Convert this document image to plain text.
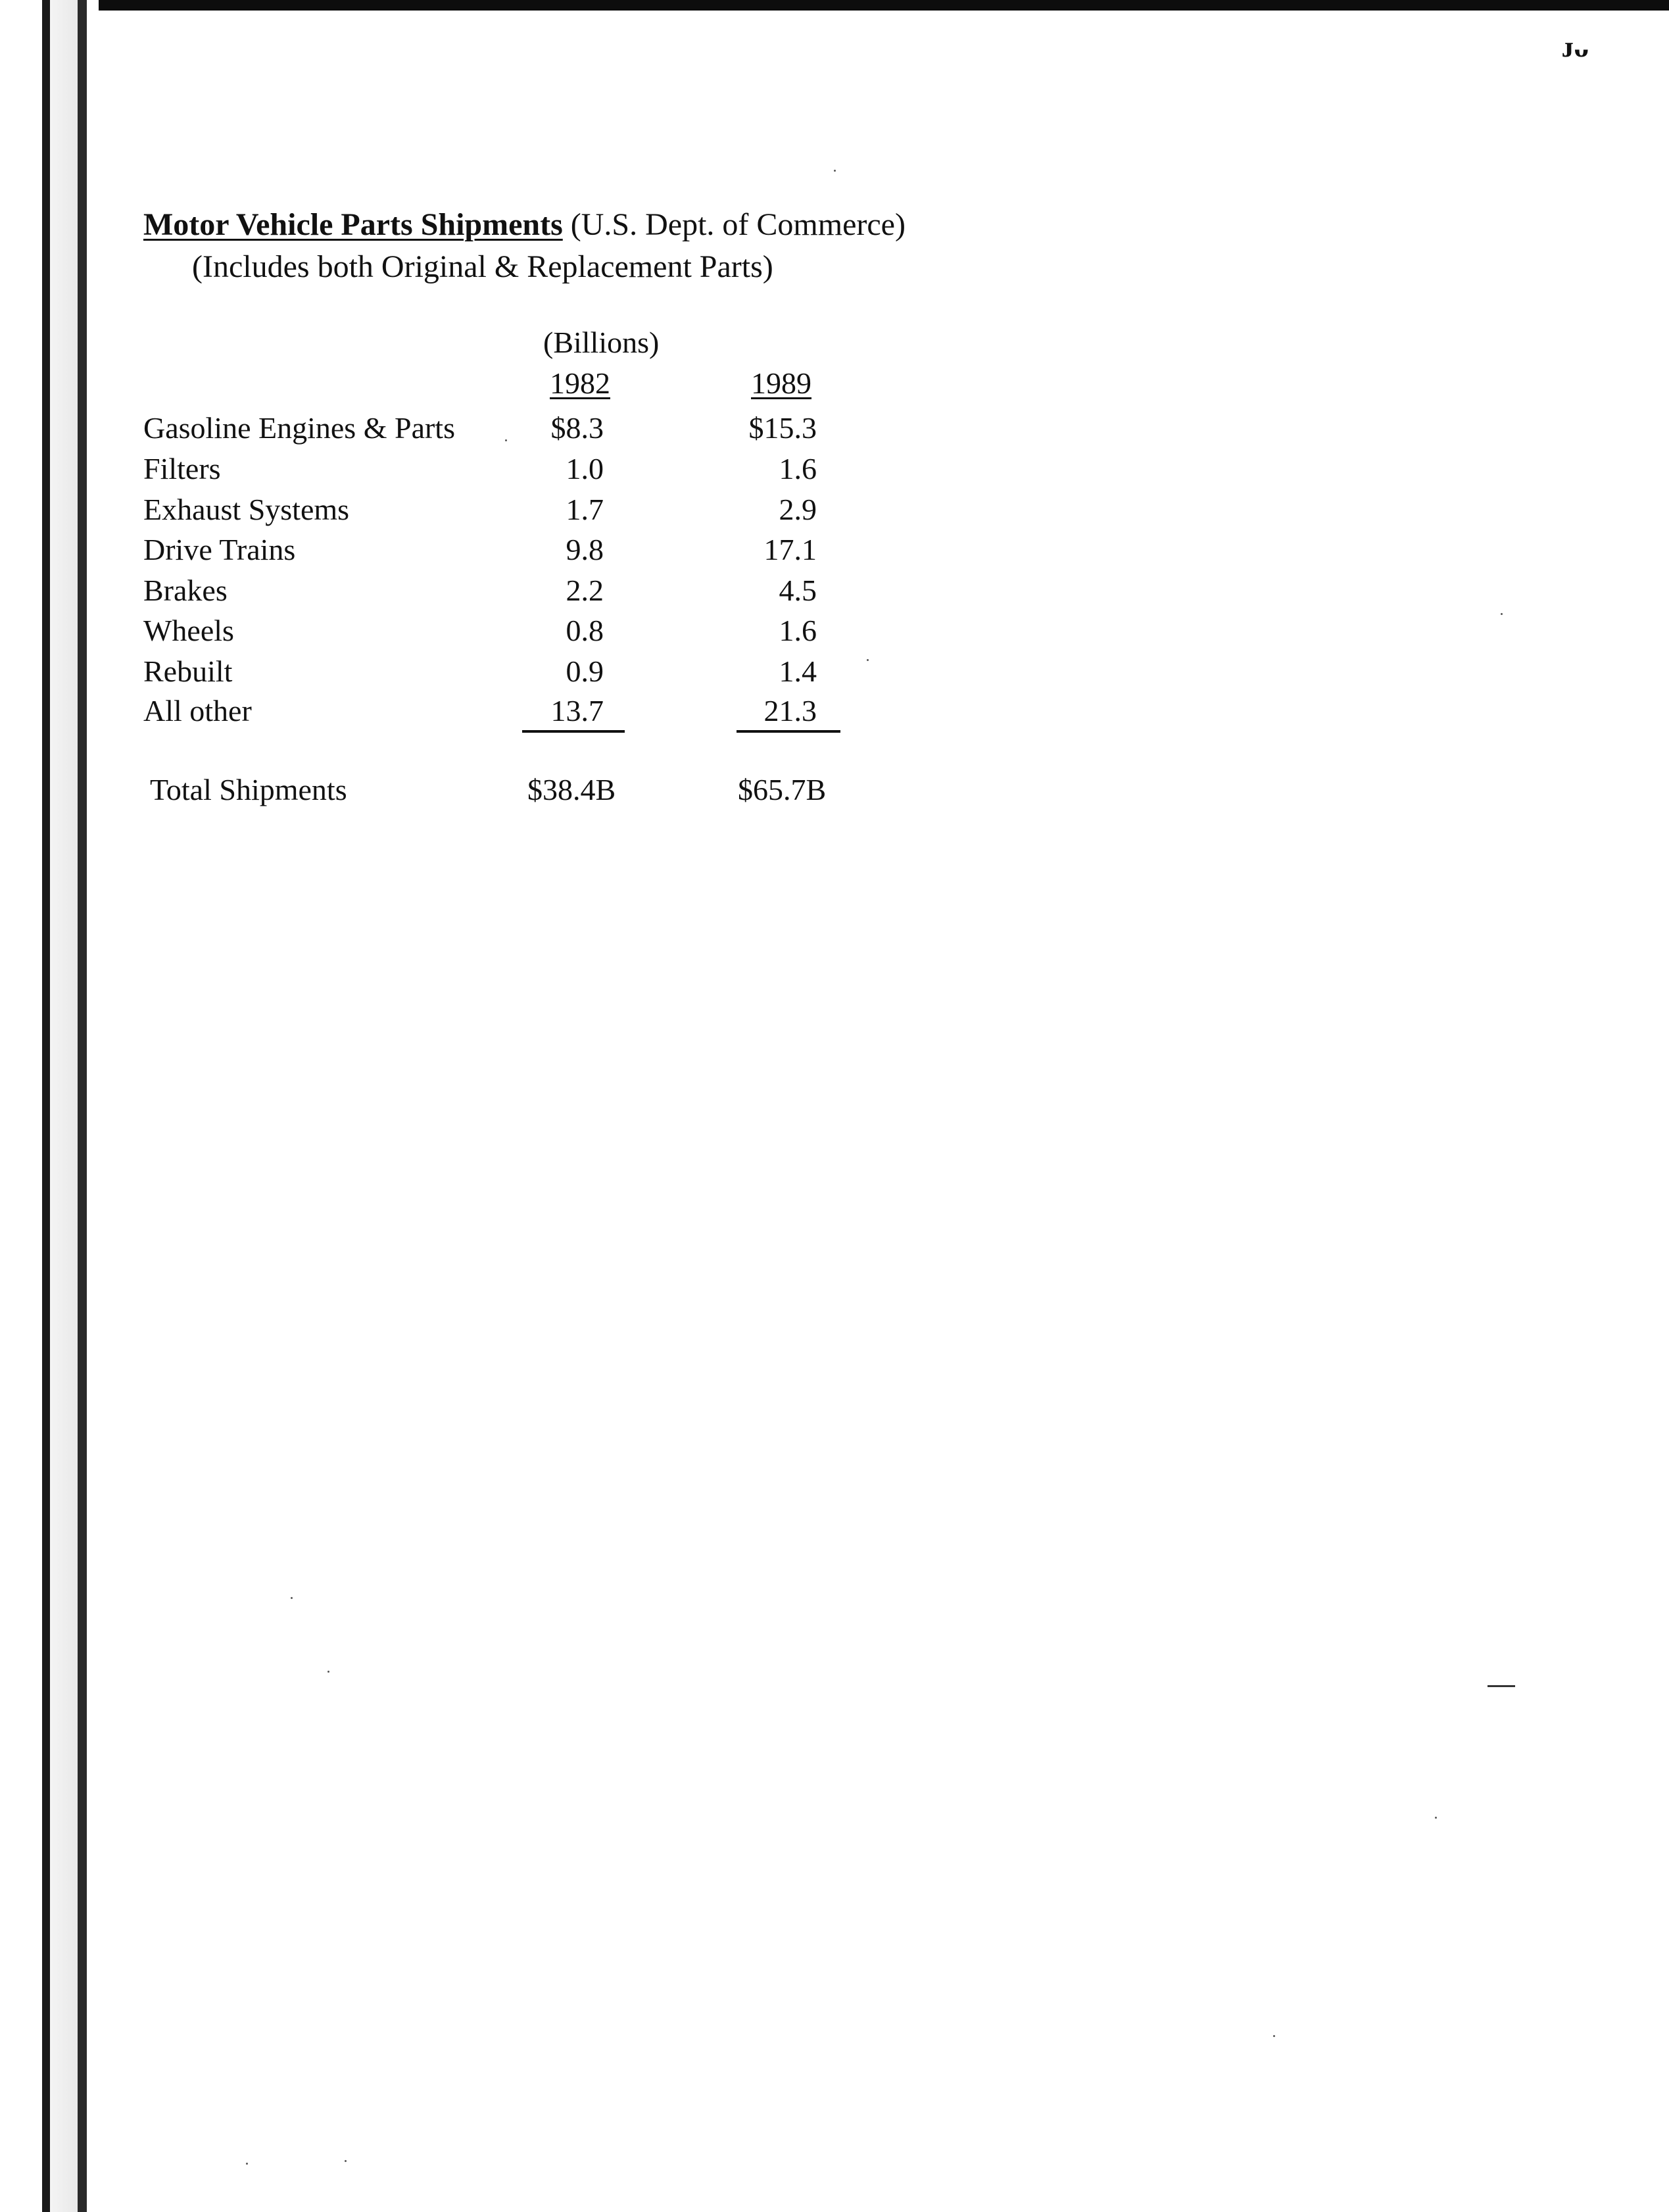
ᴊᴗ
Motor Vehicle Parts Shipments (U.S. Dept. of Commerce)
(Includes both Original & Replacement Parts)
(Billions)
1982	1989
Gasoline Engines & Parts	$8.3	$15.3
Filters	1.0	1.6
Exhaust Systems	1.7	2.9
Drive Trains	9.8	17.1
Brakes	2.2	4.5
Wheels	0.8	1.6
Rebuilt	0.9	1.4
All other	13.7	21.3
Total Shipments	$38.4B	$65.7B
